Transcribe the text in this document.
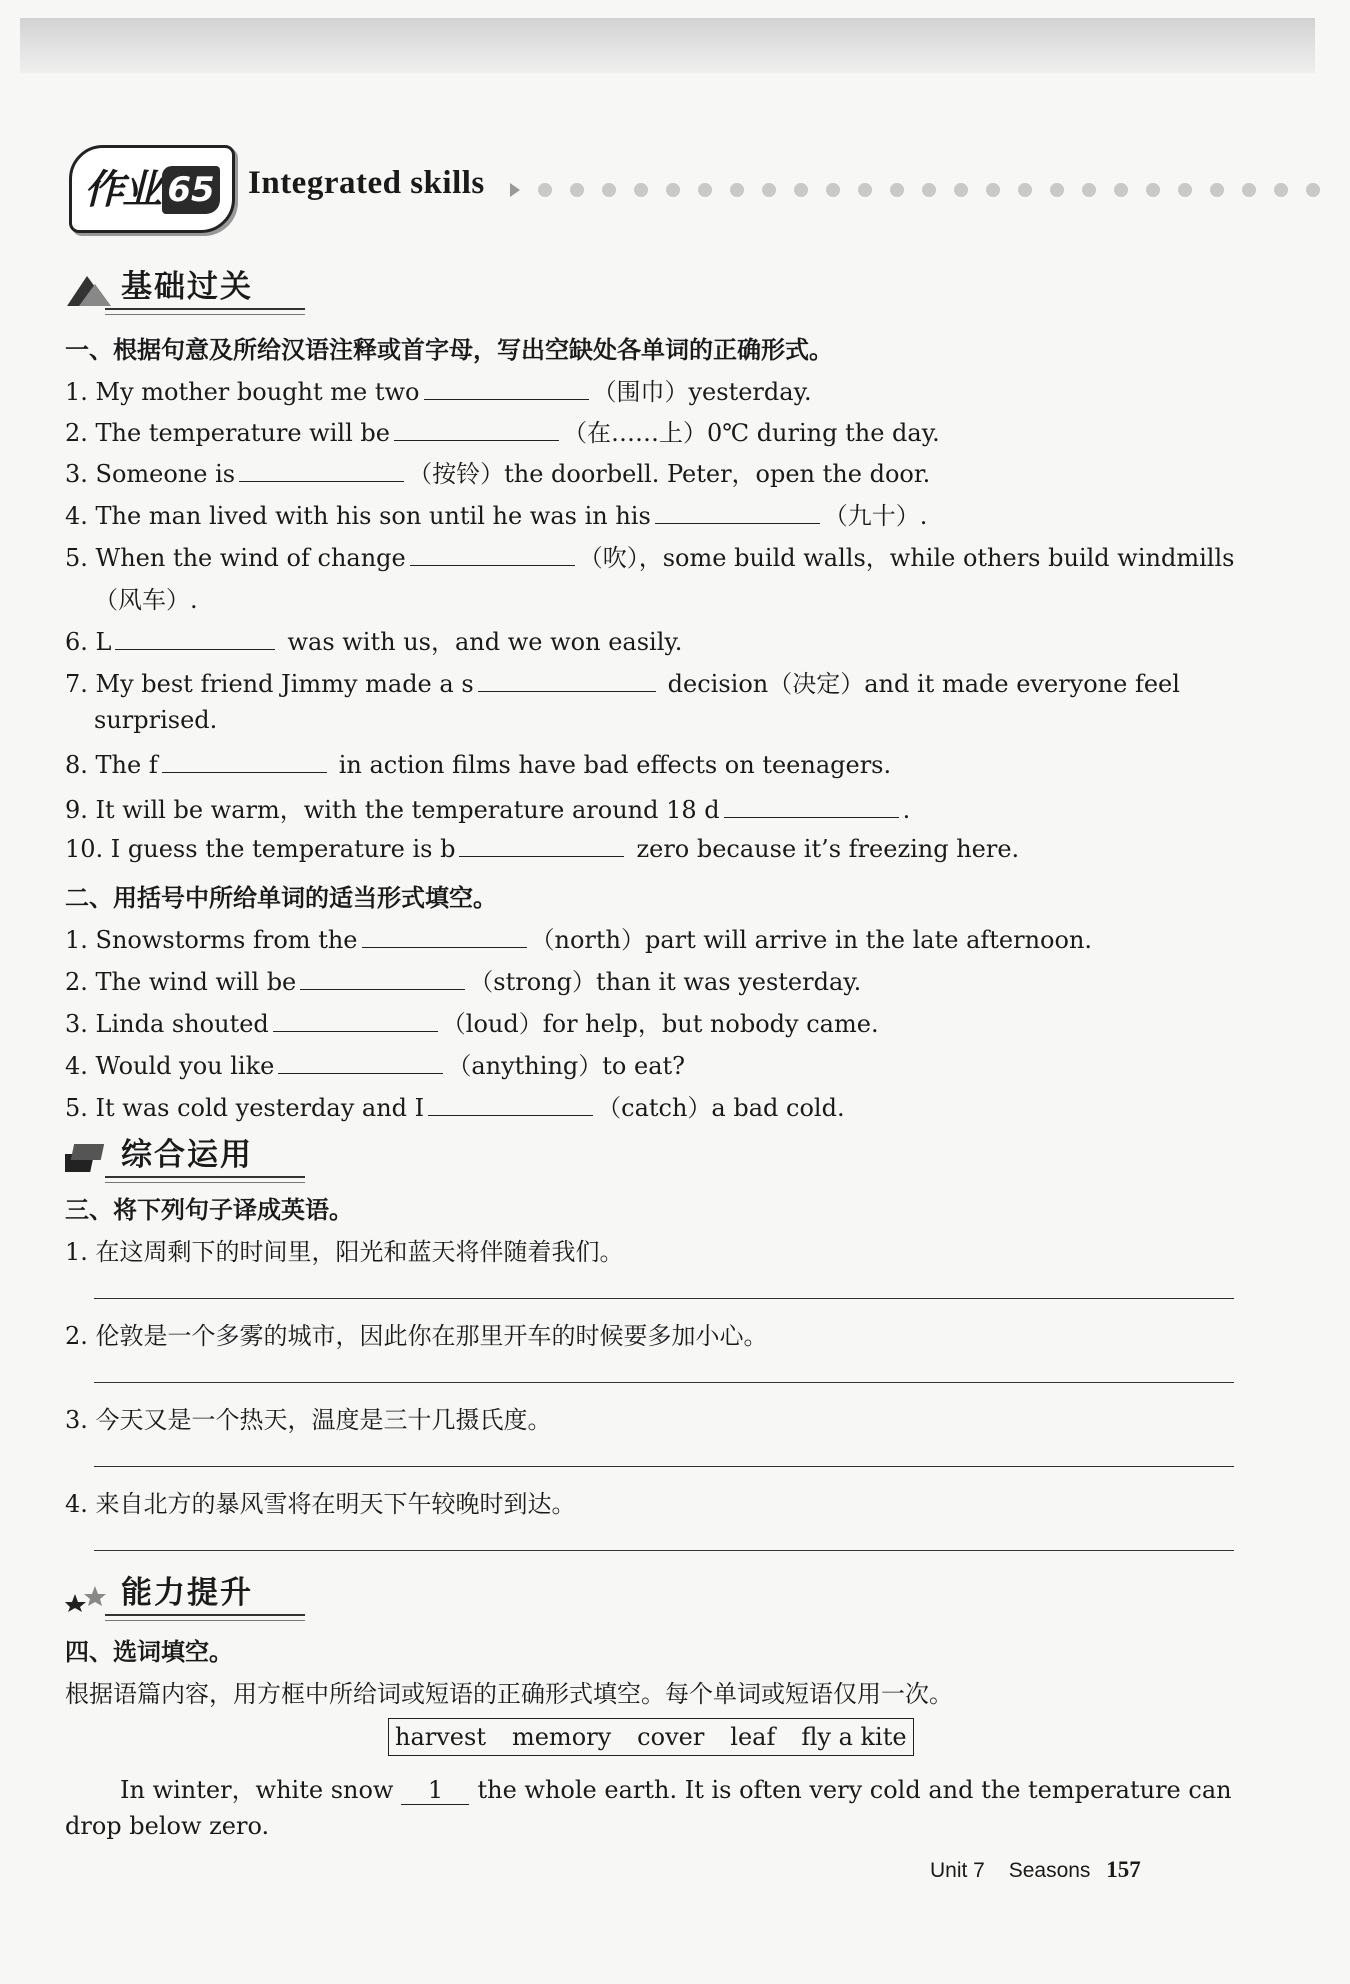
作业 65 Integrated skills
基础过关
一、根据句意及所给汉语注释或首字母，写出空缺处各单词的正确形式。
1. My mother bought me two	（围巾）yesterday.
2. The temperature will be	（在……上）0℃ during the day.
3. Someone is	（按铃）the doorbell. Peter，open the door.
4. The man lived with his son until he was in his	（九十）.
5. When the wind of change	（吹），some build walls，while others build windmills
（风车）.
6. L	was with us，and we won easily.
7. My best friend Jimmy made a s	decision（决定）and it made everyone feel
surprised.
8. The f	in action films have bad effects on teenagers.
9. It will be warm，with the temperature around 18 d	.
10. I guess the temperature is b	zero because it’s freezing here.
二、用括号中所给单词的适当形式填空。
1. Snowstorms from the	（north）part will arrive in the late afternoon.
2. The wind will be	（strong）than it was yesterday.
3. Linda shouted	（loud）for help，but nobody came.
4. Would you like	（anything）to eat?
5. It was cold yesterday and I	（catch）a bad cold.
综合运用
三、将下列句子译成英语。
1. 在这周剩下的时间里，阳光和蓝天将伴随着我们。
2. 伦敦是一个多雾的城市，因此你在那里开车的时候要多加小心。
3. 今天又是一个热天，温度是三十几摄氏度。
4. 来自北方的暴风雪将在明天下午较晚时到达。
能力提升
四、选词填空。
根据语篇内容，用方框中所给词或短语的正确形式填空。每个单词或短语仅用一次。
harvest memory cover leaf fly a kite
In winter，white snow 1 the whole earth. It is often very cold and the temperature can
drop below zero.
Unit 7 Seasons 157
